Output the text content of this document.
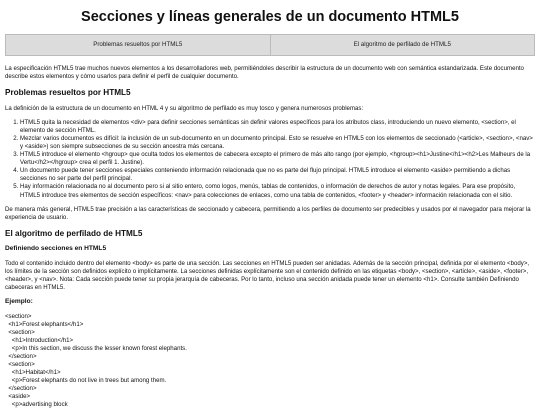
Secciones y líneas generales de un documento HTML5
Problemas resueltos por HTML5	El algoritmo de perfilado de HTML5

La especificación HTML5 trae muchos nuevos elementos a los desarrolladores web, permitiéndoles describir la estructura de un documento web con semántica estandarizada. Este documento describe estos elementos y cómo usarlos para definir el perfil de cualquier documento.

Problemas resueltos por HTML5

La definición de la estructura de un documento en HTML 4 y su algoritmo de perfilado es muy tosco y genera numerosos problemas:

1. HTML5 quita la necesidad de elementos <div> para definir secciones semánticas sin definir valores específicos para los atributos class, introduciendo un nuevo elemento, <section>, el elemento de sección HTML.
2. Mezclar varios documentos es difícil: la inclusión de un sub-documento en un documento principal. Esto se resuelve en HTML5 con los elementos de seccionado (<article>, <section>, <nav> y <aside>) son siempre subsecciones de su sección ancestra más cercana.
3. HTML5 introduce el elemento <hgroup> que oculta todos los elementos de cabecera excepto el primero de más alto rango (por ejemplo, <hgroup><h1>Justine</h1><h2>Les Malheurs de la Vertu</h2></hgroup> crea el perfil 1. Justine).
4. Un documento puede tener secciones especiales conteniendo información relacionada que no es parte del flujo principal. HTML5 introduce el elemento <aside> permitiendo a dichas secciones no ser parte del perfil principal.
5. Hay información relacionada no al documento pero si al sitio entero, como logos, menús, tablas de contenidos, o información de derechos de autor y notas legales. Para ese propósito, HTML5 introduce tres elementos de sección específicos: <nav> para colecciones de enlaces, como una tabla de contenidos, <footer> y <header> información relacionada con el sitio.

De manera más general, HTML5 trae precisión a las características de seccionado y cabecera, permitiendo a los perfiles de documento ser predecibles y usados por el navegador para mejorar la experiencia de usuario.

El algoritmo de perfilado de HTML5
Definiendo secciones en HTML5

Todo el contenido incluido dentro del elemento <body> es parte de una sección. Las secciones en HTML5 pueden ser anidadas. Además de la sección principal, definida por el elemento <body>, los límites de la sección son definidos explícito o implícitamente. La secciones definidas explícitamente son el contenido definido en las etiquetas <body>, <section>, <article>, <aside>, <footer>, <header>, y <nav>. Nota: Cada sección puede tener su propia jerarquía de cabeceras. Por lo tanto, incluso una sección anidada puede tener un elemento <h1>. Consulte también Definiendo cabeceras en HTML5.

Ejemplo:
<section>
<h1>Forest elephants</h1>
<section>
<h1>Introduction</h1>
<p>In this section, we discuss the lesser known forest elephants.
</section>
<section>
<h1>Habitat</h1>
<p>Forest elephants do not live in trees but among them.
</section>
<aside>
<p>advertising block
